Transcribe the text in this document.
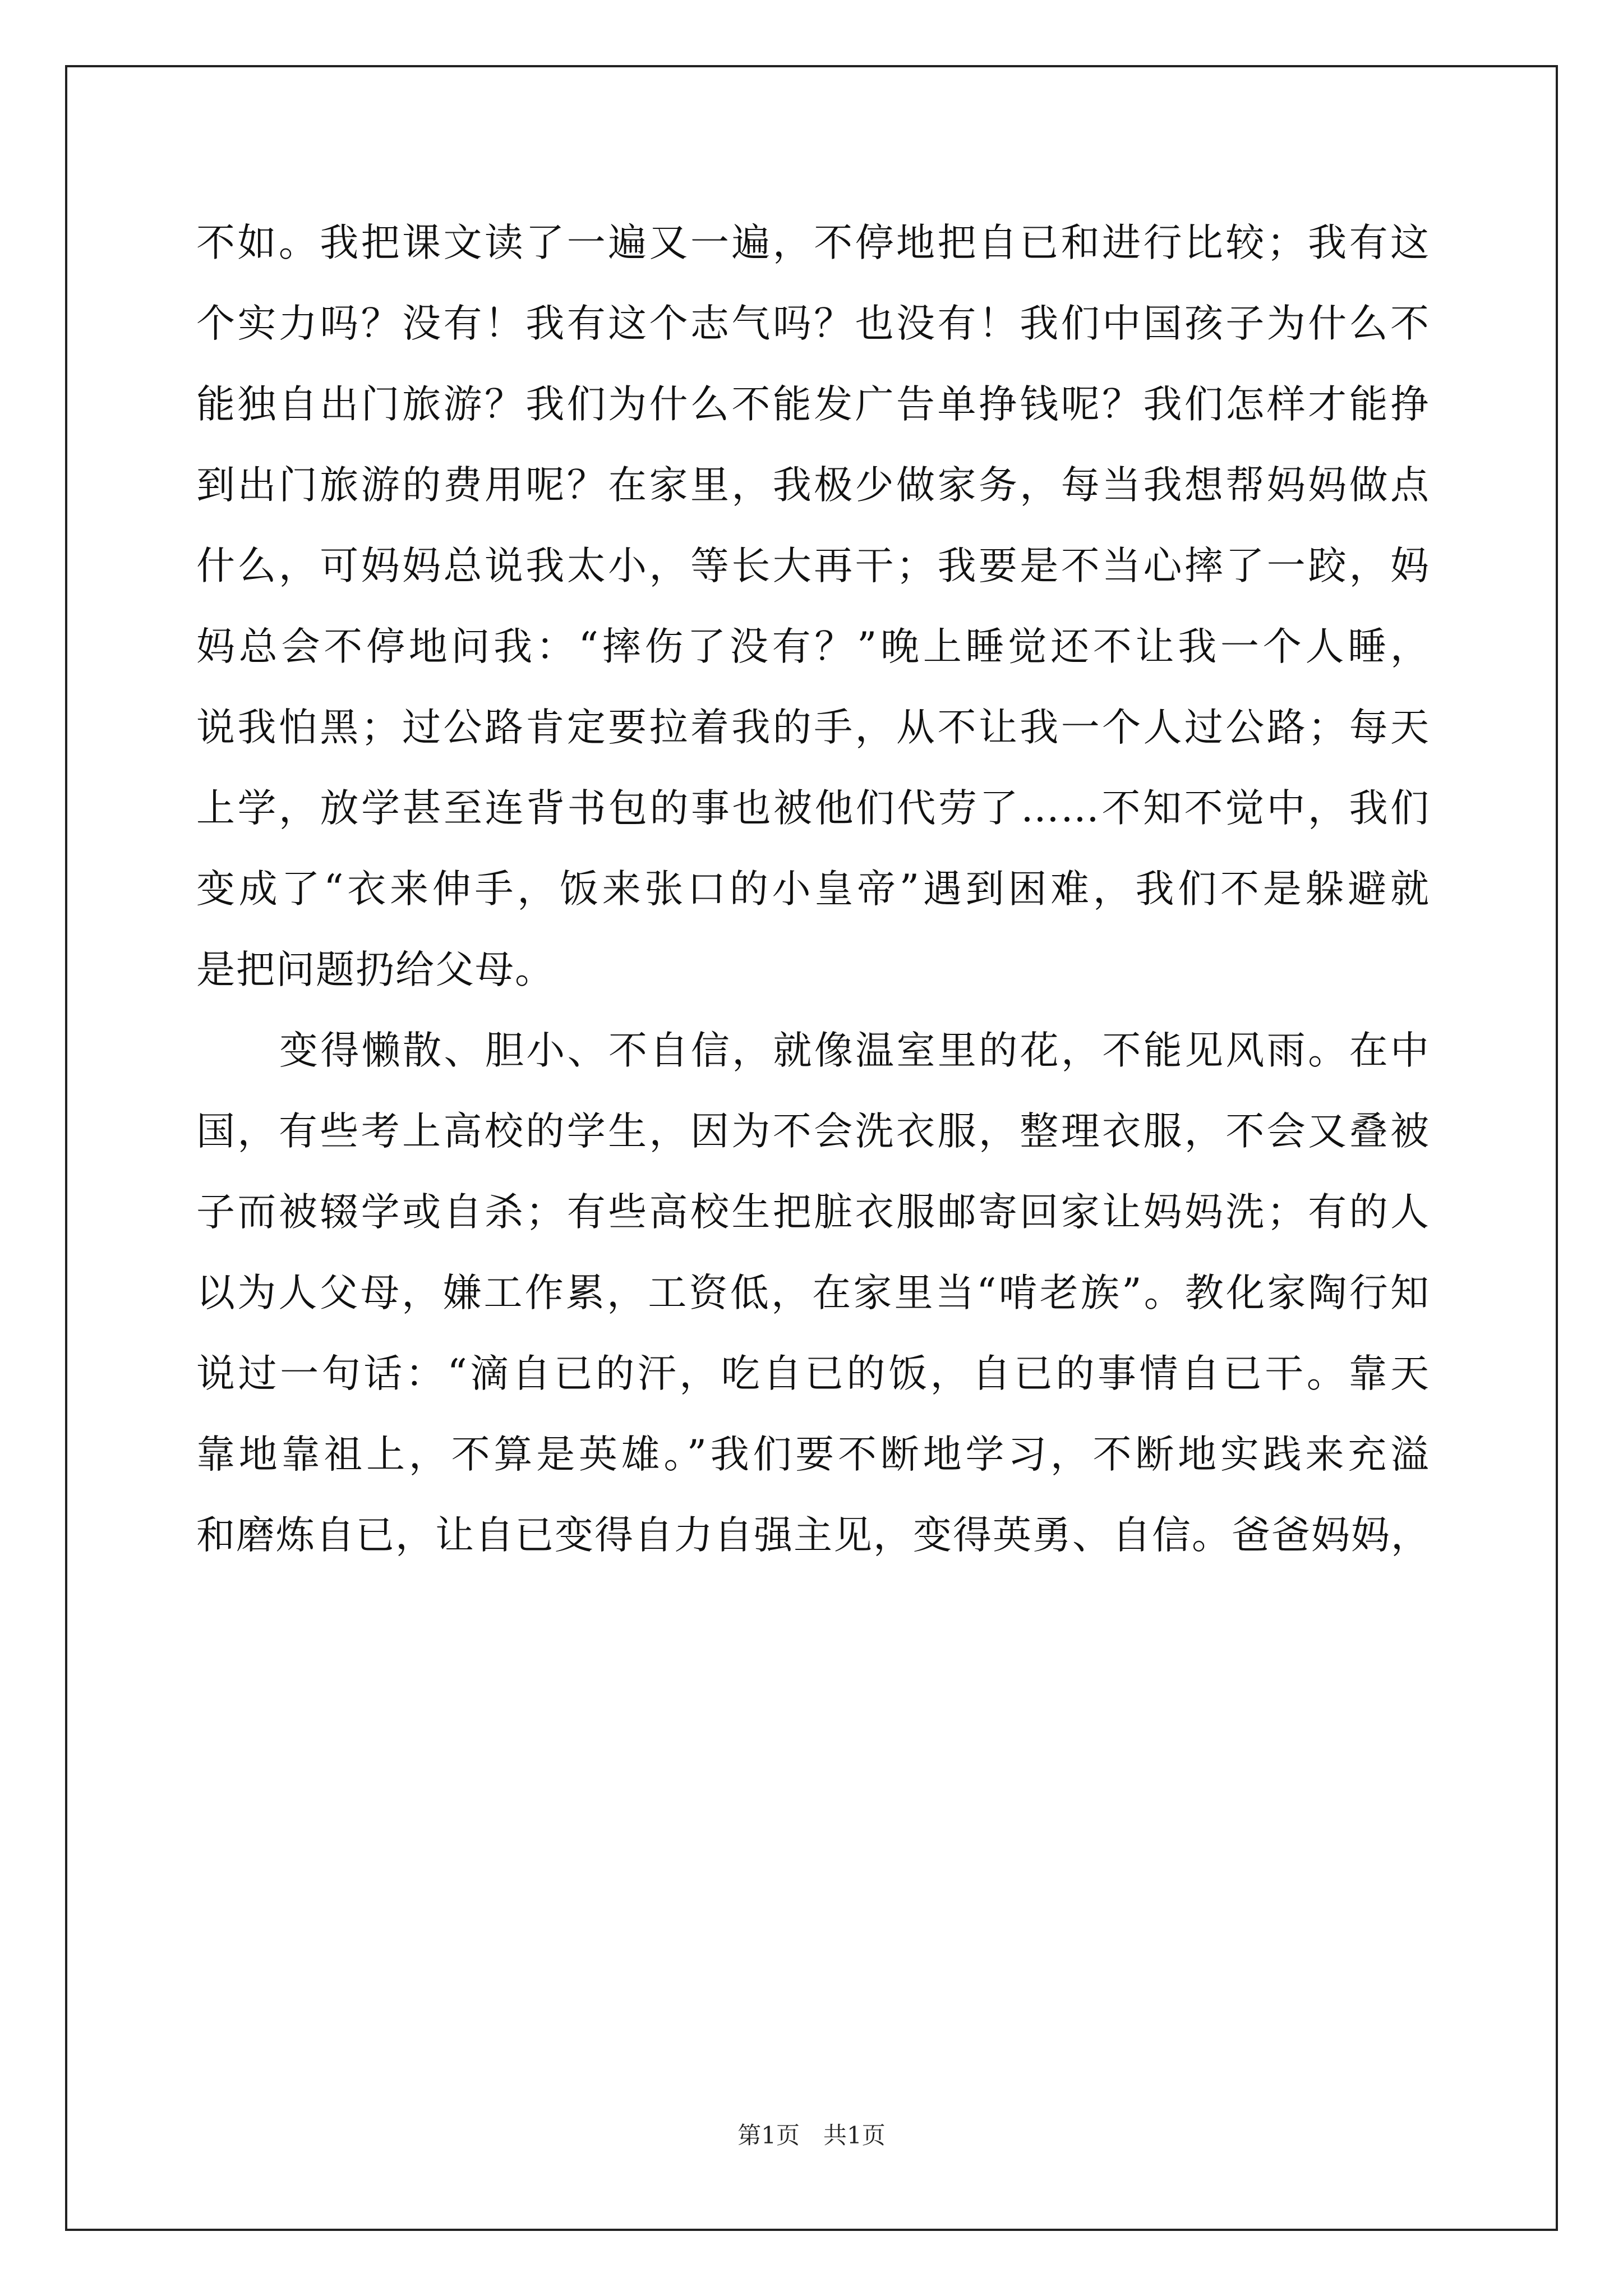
不如。我把课文读了一遍又一遍，不停地把自已和进行比较；我有这
个实力吗？没有！我有这个志气吗？也没有！我们中国孩子为什么不
能独自出门旅游？我们为什么不能发广告单挣钱呢？我们怎样才能挣
到出门旅游的费用呢？在家里，我极少做家务，每当我想帮妈妈做点
什么，可妈妈总说我太小，等长大再干；我要是不当心摔了一跤，妈
妈总会不停地问我：“摔伤了没有？”晚上睡觉还不让我一个人睡，
说我怕黑；过公路肯定要拉着我的手，从不让我一个人过公路；每天
上学，放学甚至连背书包的事也被他们代劳了……不知不觉中，我们
变成了“衣来伸手，饭来张口的小皇帝”遇到困难，我们不是躲避就
是把问题扔给父母。
变得懒散、胆小、不自信，就像温室里的花，不能见风雨。在中
国，有些考上高校的学生，因为不会洗衣服，整理衣服，不会又叠被
子而被辍学或自杀；有些高校生把脏衣服邮寄回家让妈妈洗；有的人
以为人父母，嫌工作累，工资低，在家里当“啃老族”。教化家陶行知
说过一句话：“滴自已的汗，吃自已的饭，自已的事情自已干。靠天
靠地靠祖上，不算是英雄。”我们要不断地学习，不断地实践来充溢
和磨炼自已，让自已变得自力自强主见，变得英勇、自信。爸爸妈妈，
第1页　共1页
